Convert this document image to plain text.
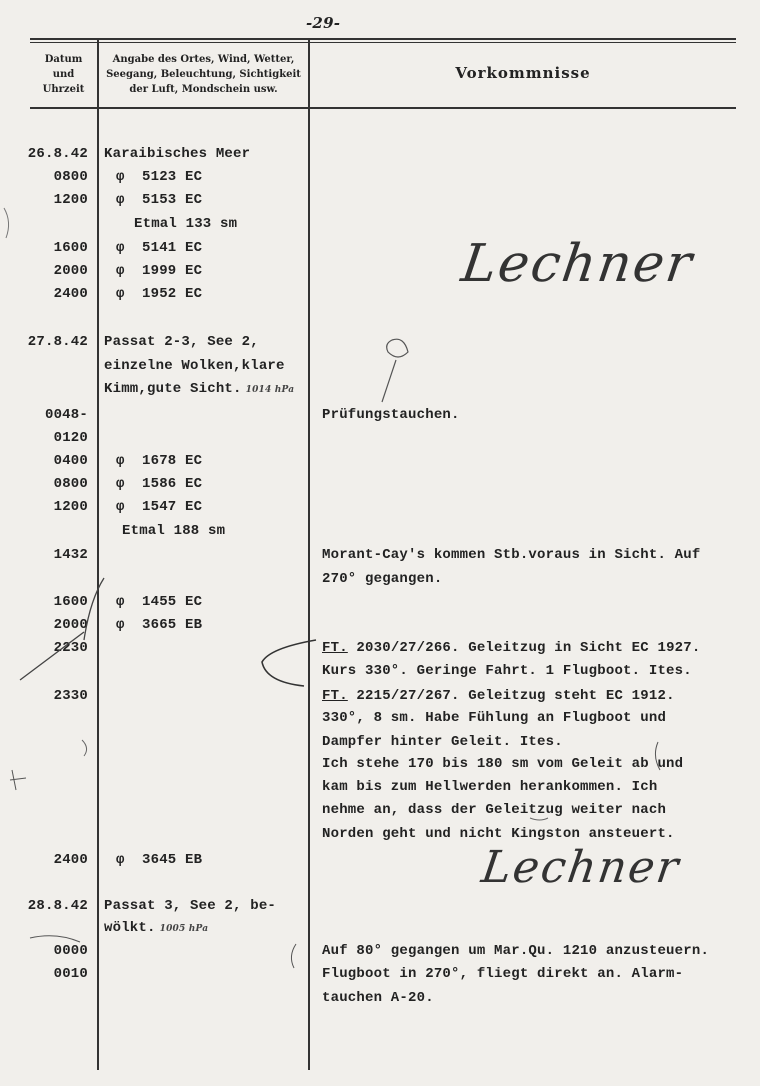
-29-
Datum
und
Uhrzeit
Angabe des Ortes, Wind, Wetter,
Seegang, Beleuchtung, Sichtigkeit
der Luft, Mondschein usw.
Vorkommnisse
26.8.42 Karaibisches Meer
0800 φ 5123 EC
1200 φ 5153 EC
Etmal 133 sm
1600 φ 5141 EC
2000 φ 1999 EC
2400 φ 1952 EC
27.8.42 Passat 2-3, See 2,
einzelne Wolken,klare
Kimm,gute Sicht. 1014 hPa
0048-	Prüfungstauchen.
0120
0400 φ 1678 EC
0800 φ 1586 EC
1200 φ 1547 EC
Etmal 188 sm
1432	Morant-Cay's kommen Stb.voraus in Sicht. Auf
270° gegangen.
1600 φ 1455 EC
2000 φ 3665 EB
2230	FT. 2030/27/266. Geleitzug in Sicht EC 1927.
Kurs 330°. Geringe Fahrt. 1 Flugboot. Ites.
2330	FT. 2215/27/267. Geleitzug steht EC 1912.
330°, 8 sm. Habe Fühlung an Flugboot und
Dampfer hinter Geleit. Ites.
Ich stehe 170 bis 180 sm vom Geleit ab und
kam bis zum Hellwerden herankommen. Ich
nehme an, dass der Geleitzug weiter nach
Norden geht und nicht Kingston ansteuert.
2400 φ 3645 EB
28.8.42 Passat 3, See 2, be-
wölkt. 1005 hPa
0000	Auf 80° gegangen um Mar.Qu. 1210 anzusteuern.
0010	Flugboot in 270°, fliegt direkt an. Alarm-
tauchen A-20.
Lechner
Lechner
